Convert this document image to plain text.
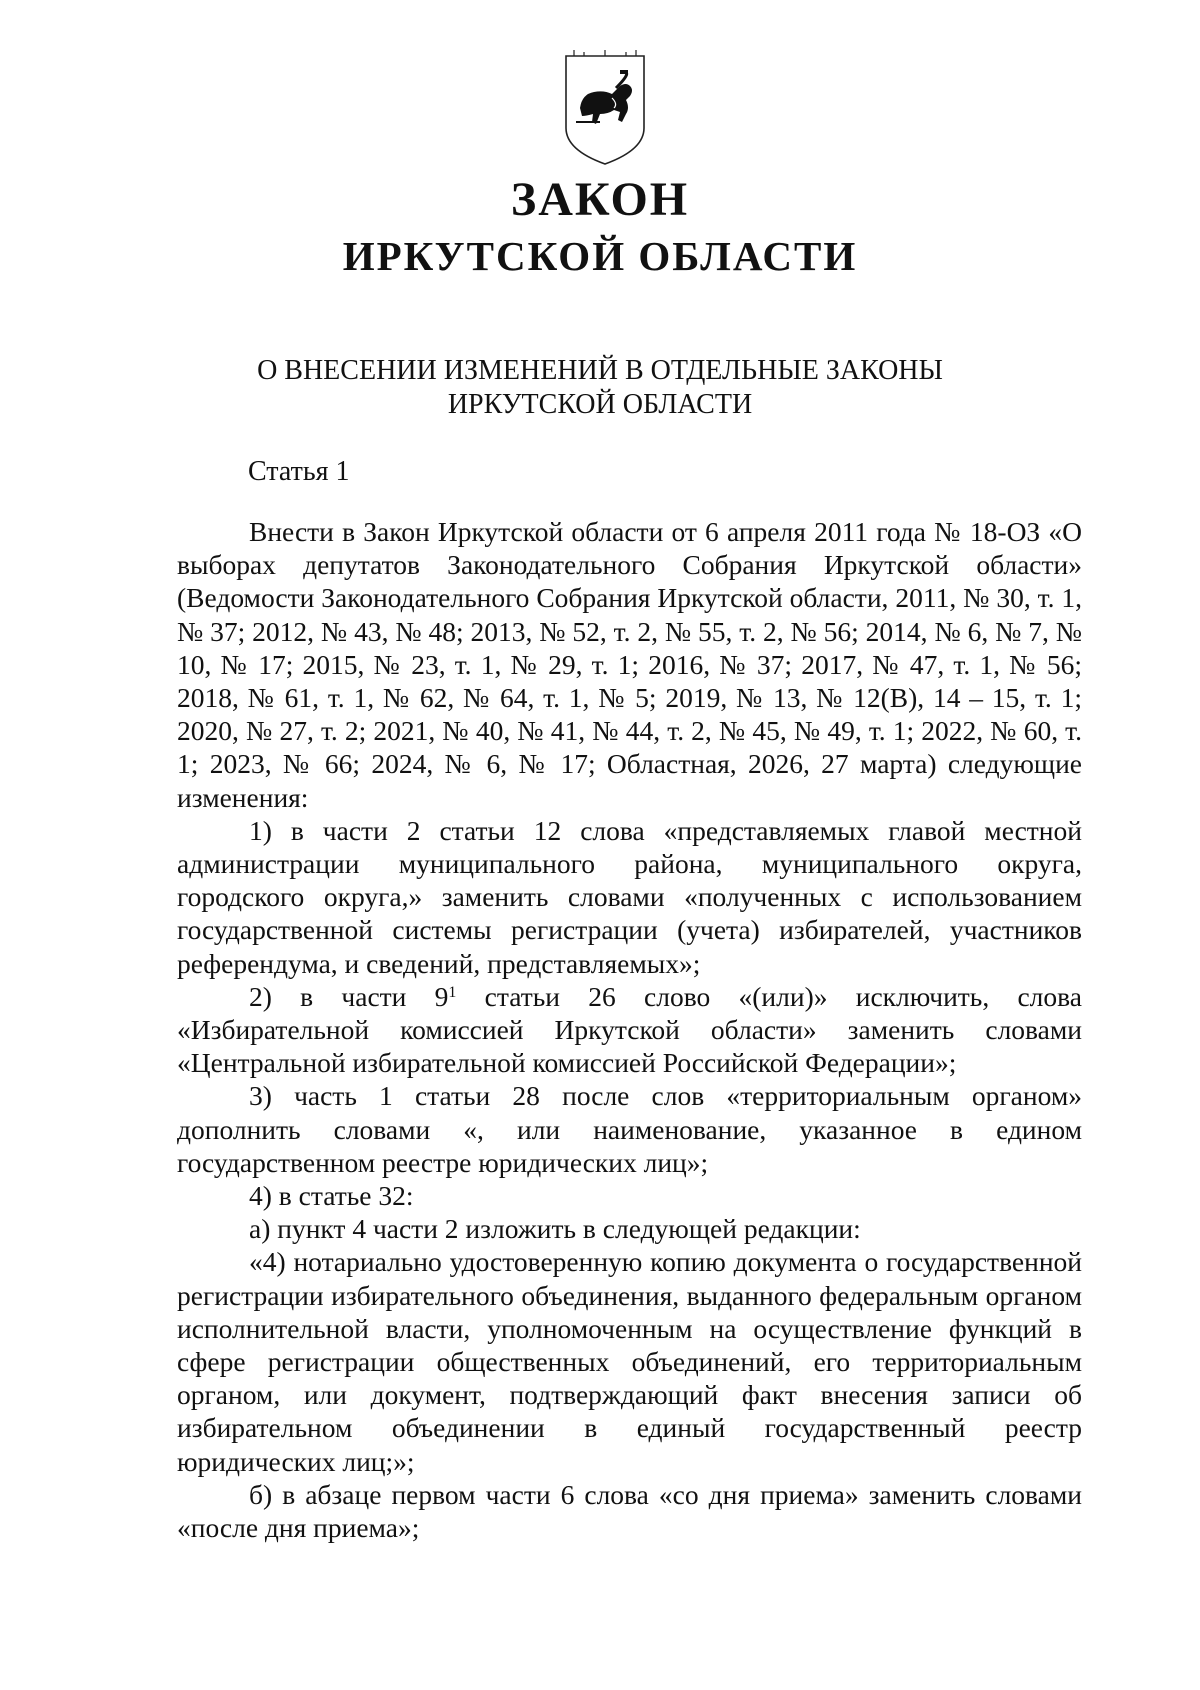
ЗАКОН
ИРКУТСКОЙ ОБЛАСТИ
О ВНЕСЕНИИ ИЗМЕНЕНИЙ В ОТДЕЛЬНЫЕ ЗАКОНЫ
ИРКУТСКОЙ ОБЛАСТИ

Статья 1

Внести в Закон Иркутской области от 6 апреля 2011 года № 18-ОЗ «О выборах депутатов Законодательного Собрания Иркутской области» (Ведомости Законодательного Собрания Иркутской области, 2011, № 30, т. 1, № 37; 2012, № 43, № 48; 2013, № 52, т. 2, № 55, т. 2, № 56; 2014, № 6, № 7, № 10, № 17; 2015, № 23, т. 1, № 29, т. 1; 2016, № 37; 2017, № 47, т. 1, № 56; 2018, № 61, т. 1, № 62, № 64, т. 1, № 5; 2019, № 13, № 12(В), 14 – 15, т. 1; 2020, № 27, т. 2; 2021, № 40, № 41, № 44, т. 2, № 45, № 49, т. 1; 2022, № 60, т. 1; 2023, № 66; 2024, № 6, № 17; Областная, 2026, 27 марта) следующие изменения:

1) в части 2 статьи 12 слова «представляемых главой местной администрации муниципального района, муниципального округа, городского округа,» заменить словами «полученных с использованием государственной системы регистрации (учета) избирателей, участников референдума, и сведений, представляемых»;

2) в части $9^1$ статьи 26 слово «(или)» исключить, слова «Избирательной комиссией Иркутской области» заменить словами «Центральной избирательной комиссией Российской Федерации»;

3) часть 1 статьи 28 после слов «территориальным органом» дополнить словами «, или наименование, указанное в едином государственном реестре юридических лиц»;

4) в статье 32:

а) пункт 4 части 2 изложить в следующей редакции:

«4) нотариально удостоверенную копию документа о государственной регистрации избирательного объединения, выданного федеральным органом исполнительной власти, уполномоченным на осуществление функций в сфере регистрации общественных объединений, его территориальным органом, или документ, подтверждающий факт внесения записи об избирательном объединении в единый государственный реестр юридических лиц;»;

б) в абзаце первом части 6 слова «со дня приема» заменить словами «после дня приема»;
